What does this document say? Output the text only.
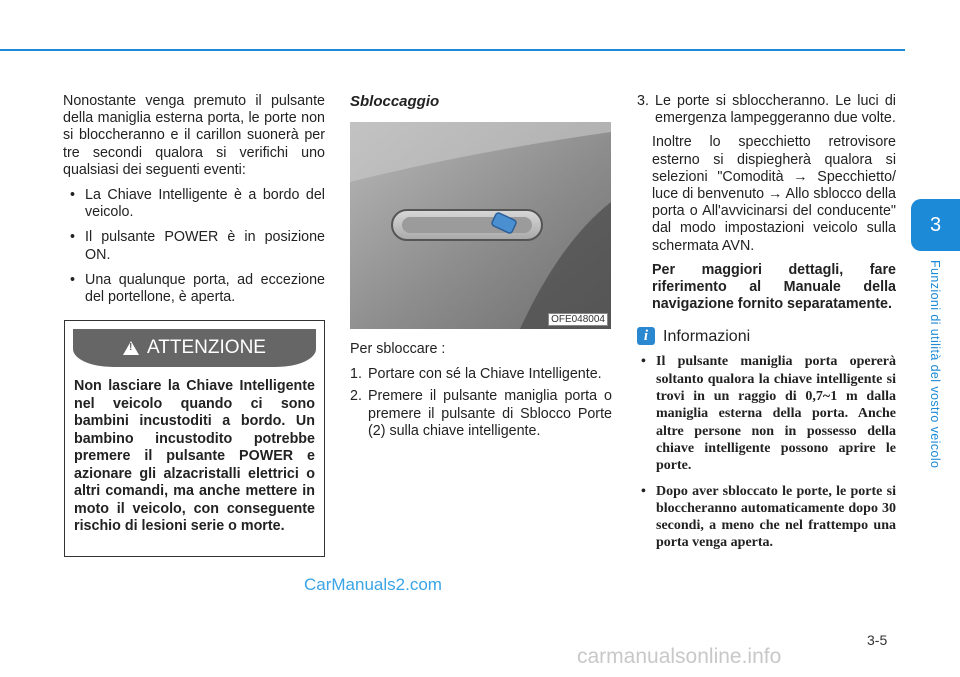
Nonostante venga premuto il pulsante della maniglia esterna porta, le porte non si bloccheranno e il carillon suonerà per tre secondi qualora si verifichi uno qualsiasi dei seguenti eventi:

• La Chiave Intelligente è a bordo del veicolo.
• Il pulsante POWER è in posizione ON.
• Una qualunque porta, ad eccezione del portellone, è aperta.
!
ATTENZIONE
Non lasciare la Chiave Intelligente nel veicolo quando ci sono bambini incustoditi a bordo. Un bambino incustodito potrebbe premere il pulsante POWER e azionare gli alzacristalli elettrici o altri comandi, ma anche mettere in moto il veicolo, con conseguente rischio di lesioni serie o morte.
Sbloccaggio
OFE048004

Per sbloccare :

1. Portare con sé la Chiave Intelligente.
2. Premere il pulsante maniglia porta o premere il pulsante di Sblocco Porte (2) sulla chiave intelligente.
3. Le porte si sbloccheranno. Le luci di emergenza lampeggeranno due volte.

Inoltre lo specchietto retrovisore esterno si dispiegherà qualora si selezioni "Comodità → Specchietto/ luce di benvenuto → Allo sblocco della porta o All'avvicinarsi del conducente" dal modo impostazioni veicolo sulla schermata AVN.

Per maggiori dettagli, fare riferimento al Manuale della navigazione fornito separatamente.

i Informazioni
• Il pulsante maniglia porta opererà soltanto qualora la chiave intelligente si trovi in un raggio di 0,7~1 m dalla maniglia esterna della porta. Anche altre persone non in possesso della chiave intelligente possono aprire le porte.
• Dopo aver sbloccato le porte, le porte si bloccheranno automaticamente dopo 30 secondi, a meno che nel frattempo una porta venga aperta.
3
Funzioni di utilità del vostro veicolo
3-5
CarManuals2.com
carmanualsonline.info
